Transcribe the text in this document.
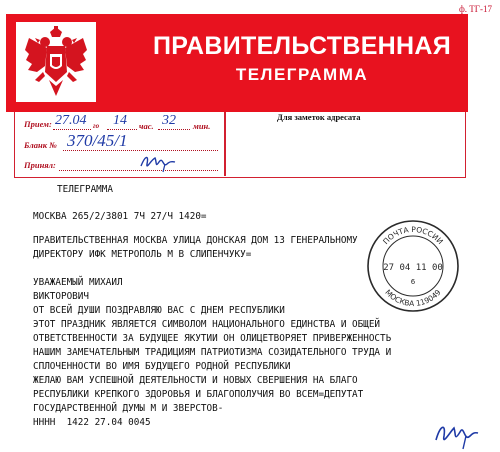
ф. ТГ-17
ПРАВИТЕЛЬСТВЕННАЯ
ТЕЛЕГРАММА
Прием: 27.04 го 14 час. 32 мин.
Бланк № 370/45/1
Принял:
Для заметок адресата
ТЕЛЕГРАММА
МОСКВА 265/2/3801 7Ч 27/Ч 1420=
ПРАВИТЕЛЬСТВЕННАЯ МОСКВА УЛИЦА ДОНСКАЯ ДОМ 13 ГЕНЕРАЛЬНОМУ
ДИРЕКТОРУ ИФК МЕТРОПОЛЬ М В СЛИПЕНЧУКУ=
УВАЖАЕМЫЙ МИХАИЛ
ВИКТОРОВИЧ
ОТ ВСЕЙ ДУШИ ПОЗДРАВЛЯЮ ВАС С ДНЕМ РЕСПУБЛИКИ
ЭТОТ ПРАЗДНИК ЯВЛЯЕТСЯ СИМВОЛОМ НАЦИОНАЛЬНОГО ЕДИНСТВА И ОБЩЕЙ
ОТВЕТСТВЕННОСТИ ЗА БУДУЩЕЕ ЯКУТИИ ОН ОЛИЦЕТВОРЯЕТ ПРИВЕРЖЕННОСТЬ
НАШИМ ЗАМЕЧАТЕЛЬНЫМ ТРАДИЦИЯМ ПАТРИОТИЗМА СОЗИДАТЕЛЬНОГО ТРУДА И
СПЛОЧЕННОСТИ ВО ИМЯ БУДУЩЕГО РОДНОЙ РЕСПУБЛИКИ
ЖЕЛАЮ ВАМ УСПЕШНОЙ ДЕЯТЕЛЬНОСТИ И НОВЫХ СВЕРШЕНИЯ НА БЛАГО
РЕСПУБЛИКИ КРЕПКОГО ЗДОРОВЬЯ И БЛАГОПОЛУЧИЯ ВО ВСЕМ=ДЕПУТАТ
ГОСУДАРСТВЕННОЙ ДУМЫ М И ЗВЕРСТОВ-
НННН  1422 27.04 0045
ПОЧТА РОССИИ
27 04 11 00
6
МОСКВА 119049
